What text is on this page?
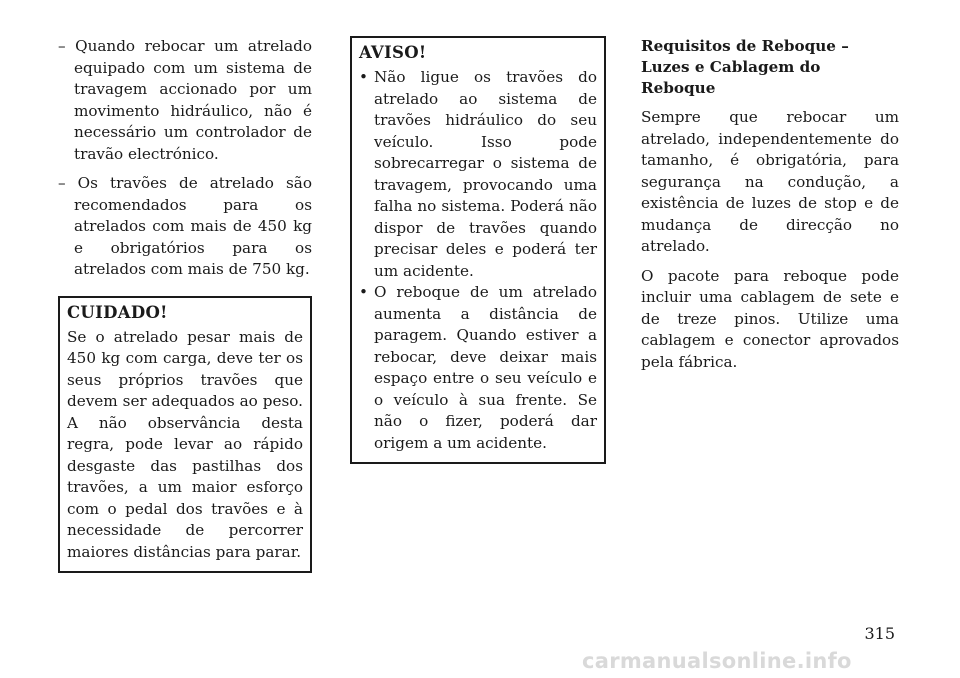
– Quando rebocar um atrelado equipado com um sistema de travagem accionado por um movimento hidráulico, não é necessário um controlador de travão electrónico.

– Os travões de atrelado são recomendados para os atrelados com mais de 450 kg e obrigatórios para os atrelados com mais de 750 kg.

CUIDADO!

Se o atrelado pesar mais de 450 kg com carga, deve ter os seus próprios travões que devem ser adequados ao peso. A não observância desta regra, pode levar ao rápido desgaste das pastilhas dos travões, a um maior esforço com o pedal dos travões e à necessidade de percorrer maiores distâncias para parar.

AVISO!
• Não ligue os travões do atrelado ao sistema de travões hidráulico do seu veículo. Isso pode sobrecarregar o sistema de travagem, provocando uma falha no sistema. Poderá não dispor de travões quando precisar deles e poderá ter um acidente.
• O reboque de um atrelado aumenta a distância de paragem. Quando estiver a rebocar, deve deixar mais espaço entre o seu veículo e o veículo à sua frente. Se não o fizer, poderá dar origem a um acidente.
Requisitos de Reboque – Luzes e Cablagem do Reboque

Sempre que rebocar um atrelado, independentemente do tamanho, é obrigatória, para segurança na condução, a existência de luzes de stop e de mudança de direcção no atrelado.

O pacote para reboque pode incluir uma cablagem de sete e de treze pinos. Utilize uma cablagem e conector aprovados pela fábrica.

315
carmanualsonline.info
